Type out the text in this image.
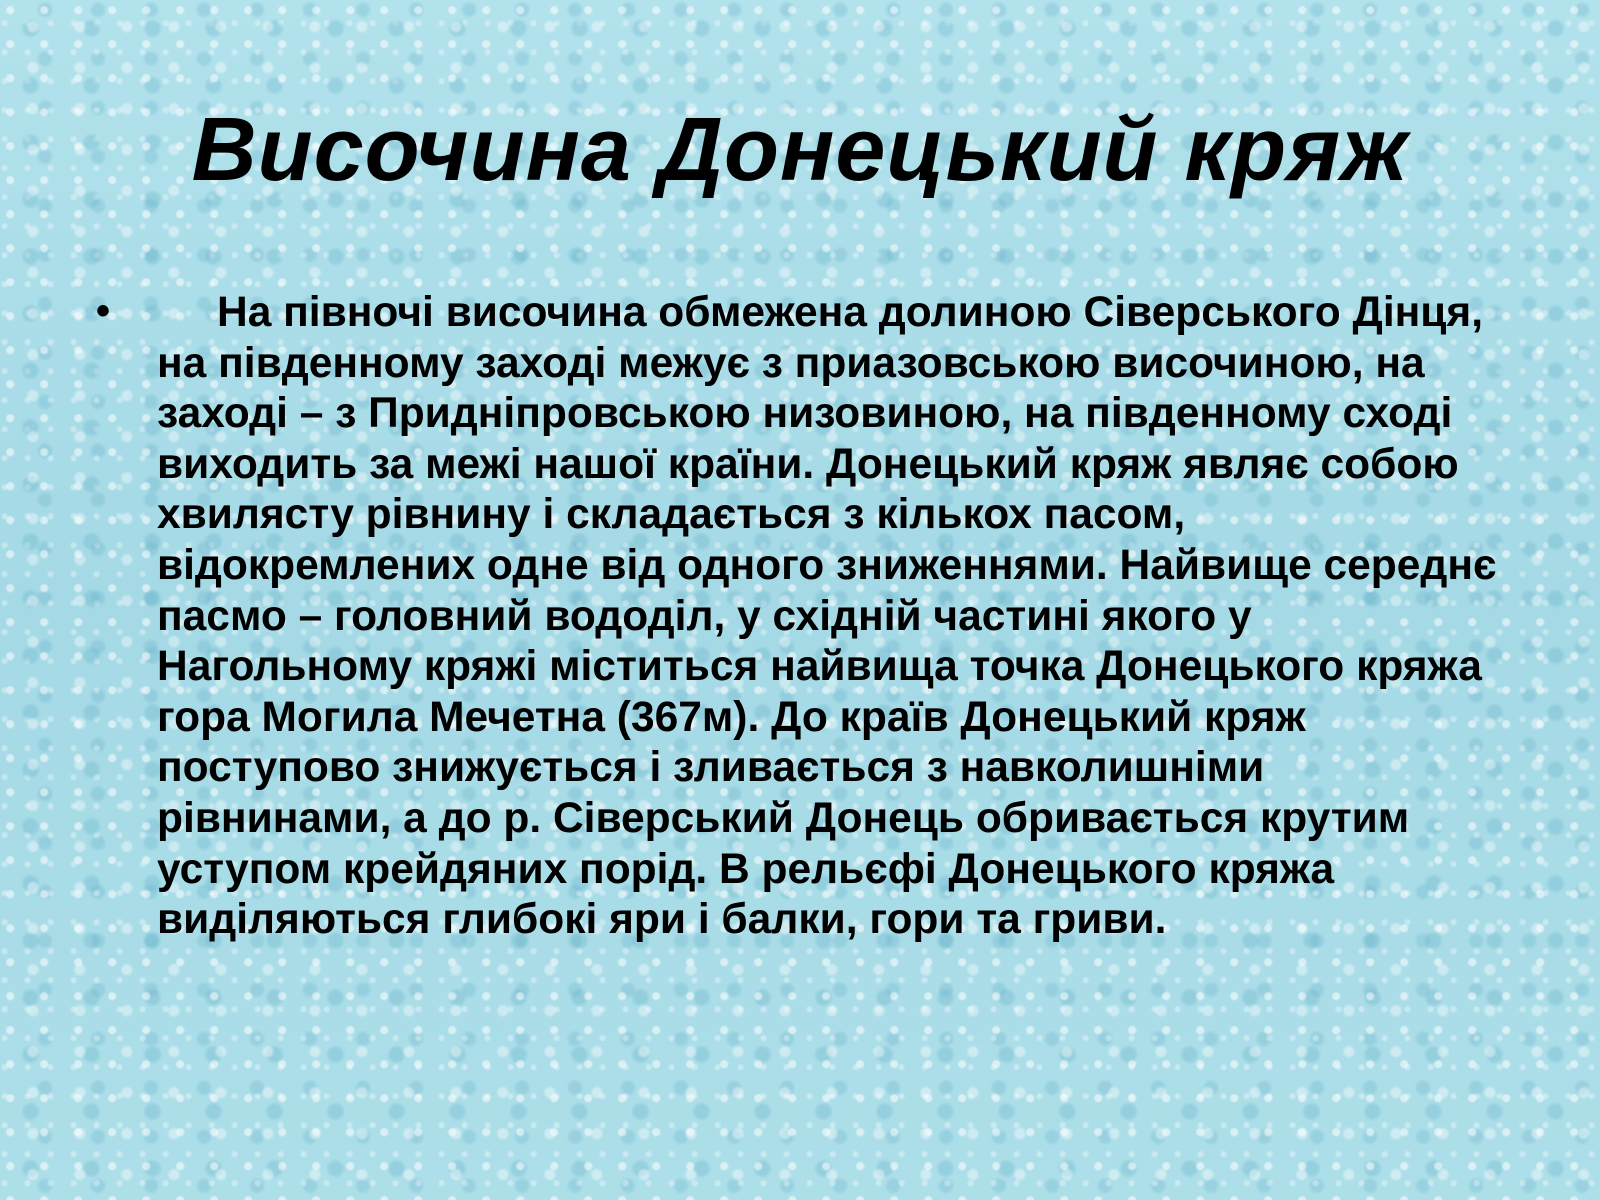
Височина Донецький кряж
•	На півночі височина обмежена долиною Сіверського Дінця, на південному заході межує з приазовською височиною, на заході – з Придніпровською низовиною, на південному сході виходить за межі нашої країни. Донецький кряж являє собою хвилясту рівнину і складається з кількох пасом, відокремлених одне від одного зниженнями. Найвище середнє пасмо – головний вододіл, у східній частині якого у Нагольному кряжі міститься найвища точка Донецького кряжа гора Могила Мечетна (367м). До країв Донецький кряж поступово знижується і зливається з навколишніми рівнинами, а до р. Сіверський Донець обривається крутим уступом крейдяних порід. В рельєфі Донецького кряжа виділяються глибокі яри і балки, гори та гриви.
